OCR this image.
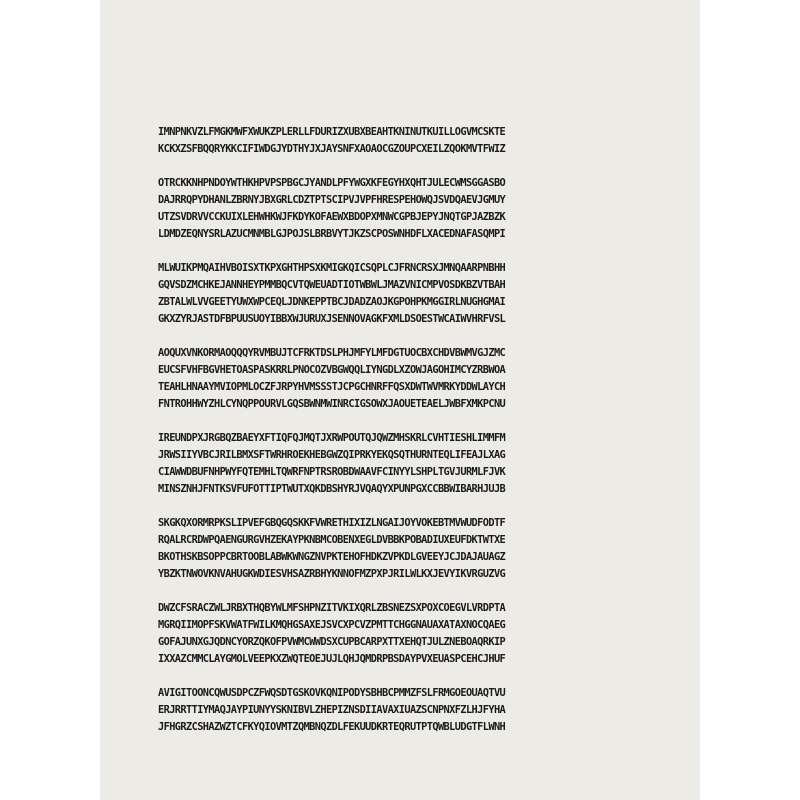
IMNPNKVZLFMGKMWFXWUKZPLERLLFDURIZXUBXBEAHTKNINUTKUILLOGVMCSKTE
KCKXZSFBQQRYKKCIFIWDGJYDTHYJXJAYSNFXAOAOCGZOUPCXEILZQOKMVTFWIZ
OTRCKKNHPNDOYWTHKHPVPSPBGCJYANDLPFYWGXKFEGYHXQHTJULECWMSGGASBO
DAJRRQPYDHANLZBRNYJBXGRLCDZTPTSCIPVJVPFHRESPEHOWQJSVDQAEVJGMUY
UTZSVDRVVCCKUIXLEHWHKWJFKDYKOFAEWXBDOPXMNWCGPBJEPYJNQTGPJAZBZK
LDMDZEQNYSRLAZUCMNMBLGJPOJSLBRBVYTJKZSCPOSWNHDFLXACEDNAFASQMPI
MLWUIKPMQAIHVBOISXTKPXGHTHPSXKMIGKQICSQPLCJFRNCRSXJMNQAARPNBHH
GQVSDZMCHKEJANNHEYPMMBQCVTQWEUADTIOTWBWLJMAZVNICMPVOSDKBZVTBAH
ZBTALWLVVGEETYUWXWPCEQLJDNKEPPTBCJDADZAOJKGPOHPKMGGIRLNUGHGMAI
GKXZYRJASTDFBPUUSUOYIBBXWJURUXJSENNOVAGKFXMLDSOESTWCAIWVHRFVSL
AOQUXVNKORMAOQQQYRVMBUJTCFRKTDSLPHJMFYLMFDGTUOCBXCHDVBWMVGJZMC
EUCSFVHFBGVHETOASPASKRRLPNOCOZVBGWQQLIYNGDLXZOWJAGOHIMCYZRBWOA
TEAHLHNAAYMVIOPMLOCZFJRPYHVMSSSTJCPGCHNRFFQSXDWTWVMRKYDDWLAYCH
FNTROHHWYZHLCYNQPPOURVLGQSBWNMWINRCIGSOWXJAOUETEAELJWBFXMKPCNU
IREUNDPXJRGBQZBAEYXFTIQFQJMQTJXRWPOUTQJQWZMHSKRLCVHTIESHLIMMFM
JRWSIIYVBCJRILBMXSFTWRHROEKHEBGWZQIPRKYEKQSQTHURNTEQLIFEAJLXAG
CIAWWDBUFNHPWYFQTEMHLTQWRFNPTRSROBDWAAVFCINYYLSHPLTGVJURMLFJVK
MINSZNHJFNTKSVFUFOTTIPTWUTXQKDBSHYRJVQAQYXPUNPGXCCBBWIBARHJUJB
SKGKQXORMRPKSLIPVEFGBQGQSKKFVWRETHIXIZLNGAIJOYVOKEBTMVWUDFODTF
RQALRCRDWPQAENGURGVHZEKAYPKNBMCOBENXEGLDVBBKPOBADIUXEUFDKTWTXE
BKOTHSKBSOPPCBRTOOBLABWKWNGZNVPKTEHOFHDKZVPKDLGVEEYJCJDAJAUAGZ
YBZKTNWOVKNVAHUGKWDIESVHSAZRBHYKNNOFMZPXPJRILWLKXJEVYIKVRGUZVG
DWZCFSRACZWLJRBXTHQBYWLMFSHPNZITVKIXQRLZBSNEZSXPOXCOEGVLVRDPTA
MGRQIIMOPFSKVWATFWILKMQHGSAXEJSVCXPCVZPMTTCHGGNAUAXATAXNOCQAEG
GOFAJUNXGJQDNCYORZQKOFPVWMCWWDSXCUPBCARPXTTXEHQTJULZNEBOAQRKIP
IXXAZCMMCLAYGMOLVEEPKXZWQTEOEJUJLQHJQMDRPBSDAYPVXEUASPCEHCJHUF
AVIGITOONCQWUSDPCZFWQSDTGSKOVKQNIPODYSBHBCPMMZFSLFRMGOEOUAQTVU
ERJRRTTIYMAQJAYPIUNYYSKNIBVLZHEPIZNSDIIAVAXIUAZSCNPNXFZLHJFYHA
JFHGRZCSHAZWZTCFKYQIOVMTZQMBNQZDLFEKUUDKRTEQRUTPTQWBLUDGTFLWNH
